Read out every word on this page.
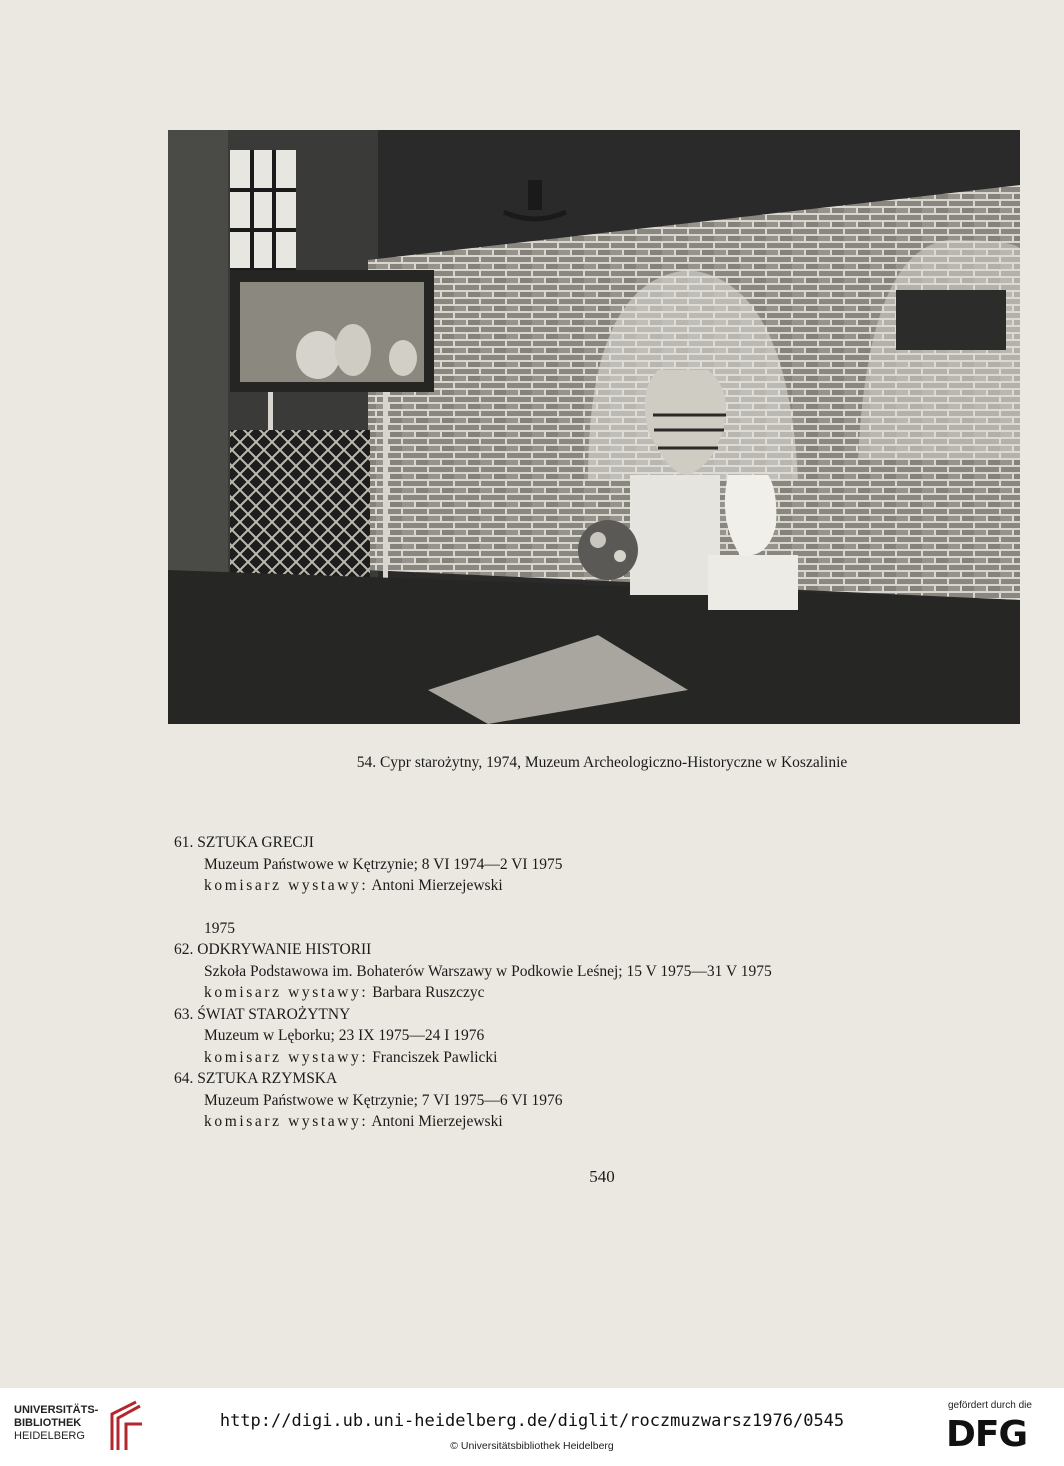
54. Cypr starożytny, 1974, Muzeum Archeologiczno-Historyczne w Koszalinie
61. SZTUKA GRECJI
Muzeum Państwowe w Kętrzynie; 8 VI 1974—2 VI 1975
komisarz wystawy: Antoni Mierzejewski
1975
62. ODKRYWANIE HISTORII
Szkoła Podstawowa im. Bohaterów Warszawy w Podkowie Leśnej; 15 V 1975—31 V 1975
komisarz wystawy: Barbara Ruszczyc
63. ŚWIAT STAROŻYTNY
Muzeum w Lęborku; 23 IX 1975—24 I 1976
komisarz wystawy: Franciszek Pawlicki
64. SZTUKA RZYMSKA
Muzeum Państwowe w Kętrzynie; 7 VI 1975—6 VI 1976
komisarz wystawy: Antoni Mierzejewski
540
UNIVERSITÄTS-
BIBLIOTHEK
HEIDELBERG
http://digi.ub.uni-heidelberg.de/diglit/roczmuzwarsz1976/0545
© Universitätsbibliothek Heidelberg
gefördert durch die
DFG
